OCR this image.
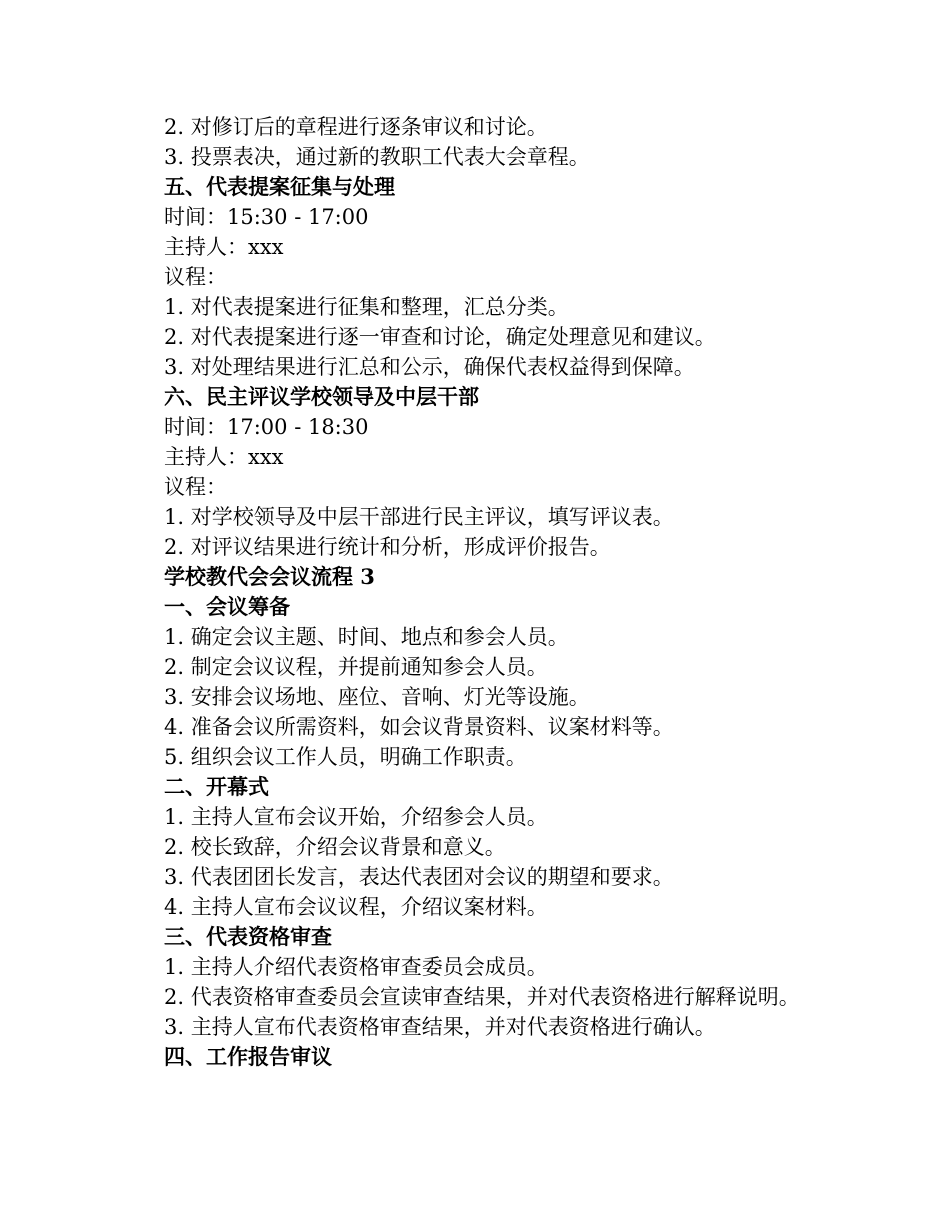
2. 对修订后的章程进行逐条审议和讨论。

3. 投票表决，通过新的教职工代表大会章程。

五、代表提案征集与处理

时间：15:30 - 17:00

主持人：xxx

议程：

1. 对代表提案进行征集和整理，汇总分类。

2. 对代表提案进行逐一审查和讨论，确定处理意见和建议。

3. 对处理结果进行汇总和公示，确保代表权益得到保障。

六、民主评议学校领导及中层干部

时间：17:00 - 18:30

主持人：xxx

议程：

1. 对学校领导及中层干部进行民主评议，填写评议表。

2. 对评议结果进行统计和分析，形成评价报告。

学校教代会会议流程 3

一、会议筹备

1. 确定会议主题、时间、地点和参会人员。

2. 制定会议议程，并提前通知参会人员。

3. 安排会议场地、座位、音响、灯光等设施。

4. 准备会议所需资料，如会议背景资料、议案材料等。

5. 组织会议工作人员，明确工作职责。

二、开幕式

1. 主持人宣布会议开始，介绍参会人员。

2. 校长致辞，介绍会议背景和意义。

3. 代表团团长发言，表达代表团对会议的期望和要求。

4. 主持人宣布会议议程，介绍议案材料。

三、代表资格审查

1. 主持人介绍代表资格审查委员会成员。

2. 代表资格审查委员会宣读审查结果，并对代表资格进行解释说明。

3. 主持人宣布代表资格审查结果，并对代表资格进行确认。

四、工作报告审议
